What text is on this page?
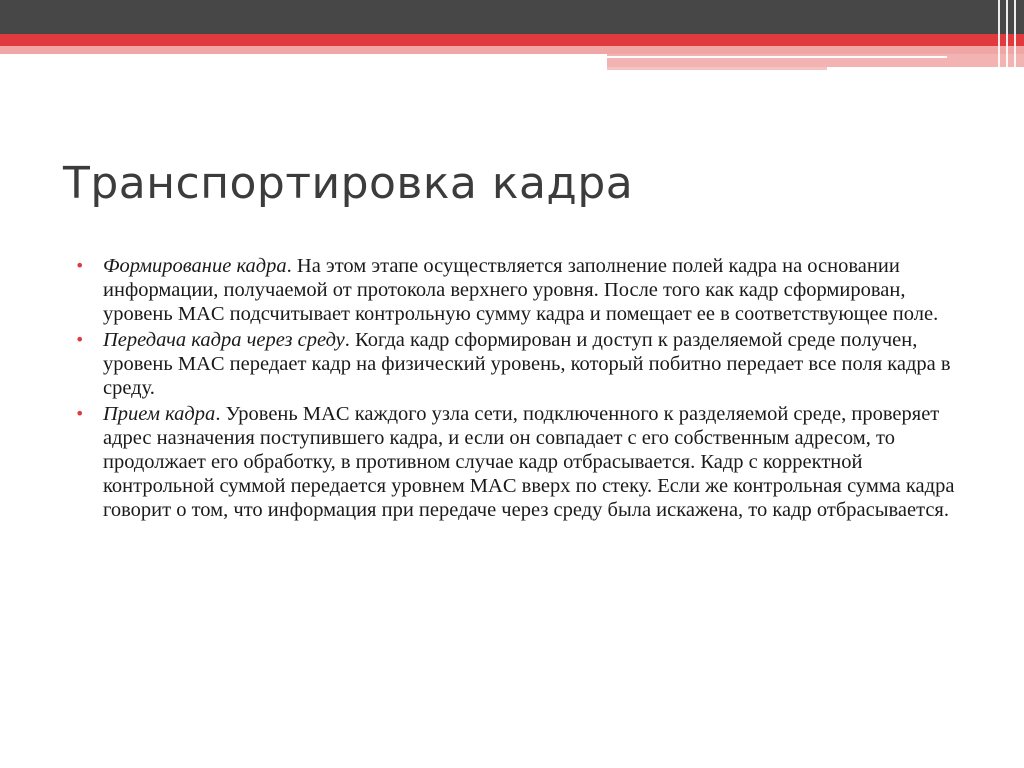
Транспортировка кадра
• Формирование кадра. На этом этапе осуществляется заполнение полей кадра на основании информации, получаемой от протокола верхнего уровня. После того как кадр сформирован, уровень MAC подсчитывает контрольную сумму кадра и помещает ее в соответствующее поле.
• Передача кадра через среду. Когда кадр сформирован и доступ к разделяемой среде получен, уровень MAC передает кадр на физический уровень, который побитно передает все поля кадра в среду.
• Прием кадра. Уровень MAC каждого узла сети, подключенного к разделяемой среде, проверяет адрес назначения поступившего кадра, и если он совпадает с его собственным адресом, то продолжает его обработку, в противном случае кадр отбрасывается. Кадр с корректной контрольной суммой передается уровнем MAC вверх по стеку. Если же контрольная сумма кадра говорит о том, что информация при передаче через среду была искажена, то кадр отбрасывается.
